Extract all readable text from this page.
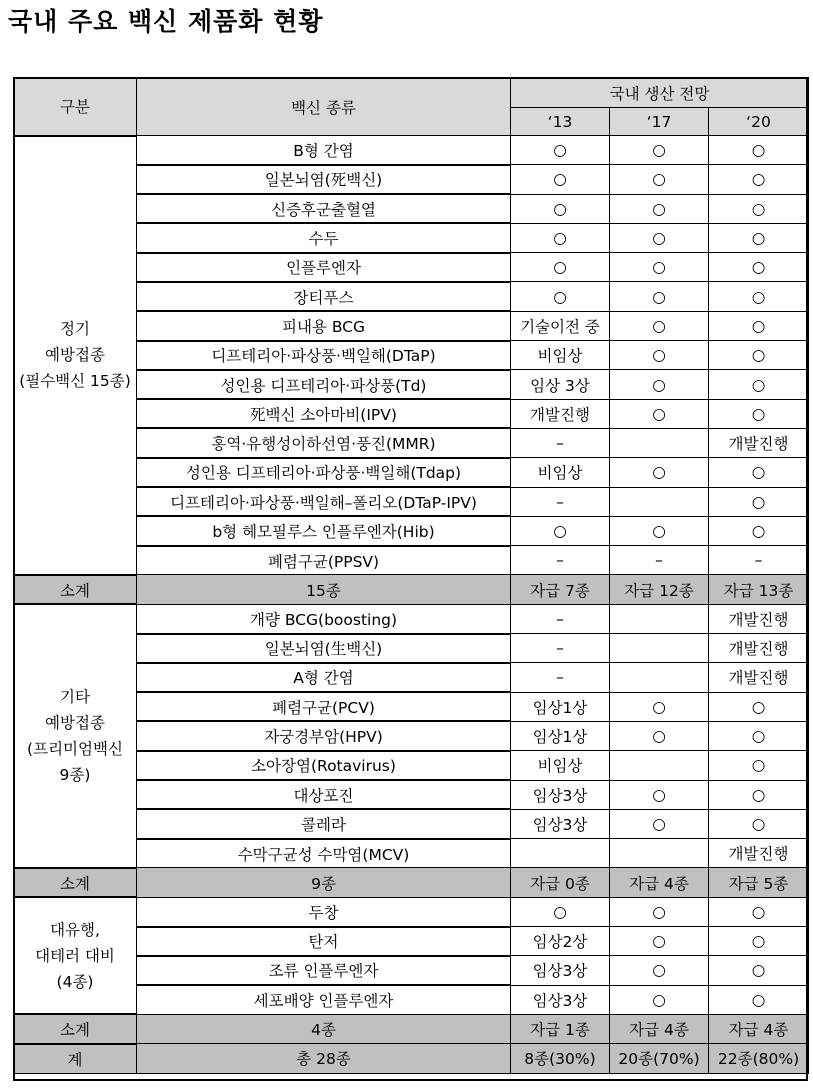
국내 주요 백신 제품화 현황
구분	백신 종류	국내 생산 전망		
		‘13	‘17	‘20
정기
예방접종
(필수백신 15종)	B형 간염	○	○	○
	일본뇌염(死백신)	○	○	○
	신증후군출혈열	○	○	○
	수두	○	○	○
	인플루엔자	○	○	○
	장티푸스	○	○	○
	피내용 BCG	기술이전 중	○	○
	디프테리아·파상풍·백일해(DTaP)	비임상	○	○
	성인용 디프테리아·파상풍(Td)	임상 3상	○	○
	死백신 소아마비(IPV)	개발진행	○	○
	홍역·유행성이하선염·풍진(MMR)	–		개발진행
	성인용 디프테리아·파상풍·백일해(Tdap)	비임상	○	○
	디프테리아·파상풍·백일해–폴리오(DTaP-IPV)	–		○
	b형 헤모필루스 인플루엔자(Hib)	○	○	○
	폐렴구균(PPSV)	–	–	–
소계	15종	자급 7종	자급 12종	자급 13종
기타
예방접종
(프리미엄백신
9종)	개량 BCG(boosting)	–		개발진행
	일본뇌염(生백신)	–		개발진행
	A형 간염	–		개발진행
	폐렴구균(PCV)	임상1상	○	○
	자궁경부암(HPV)	임상1상	○	○
	소아장염(Rotavirus)	비임상		○
	대상포진	임상3상	○	○
	콜레라	임상3상	○	○
	수막구균성 수막염(MCV)			개발진행
소계	9종	자급 0종	자급 4종	자급 5종
대유행,
대테러 대비
(4종)	두창	○	○	○
	탄저	임상2상	○	○
	조류 인플루엔자	임상3상	○	○
	세포배양 인플루엔자	임상3상	○	○
소계	4종	자급 1종	자급 4종	자급 4종
계	총 28종	8종(30%)	20종(70%)	22종(80%)
